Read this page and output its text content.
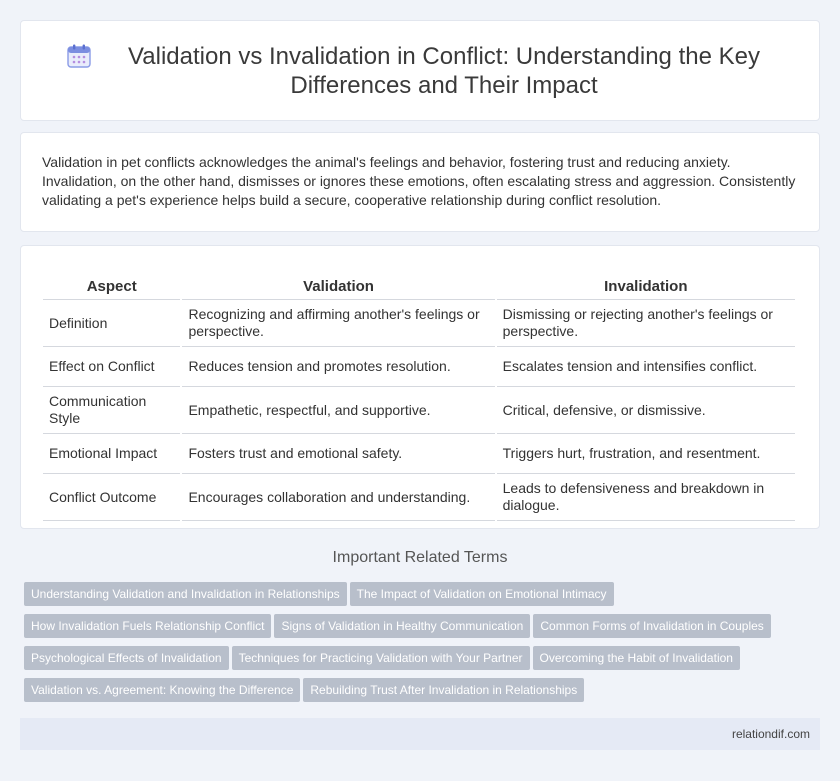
Validation vs Invalidation in Conflict: Understanding the Key Differences and Their Impact

Validation in pet conflicts acknowledges the animal's feelings and behavior, fostering trust and reducing anxiety. Invalidation, on the other hand, dismisses or ignores these emotions, often escalating stress and aggression. Consistently validating a pet's experience helps build a secure, cooperative relationship during conflict resolution.

Aspect	Validation	Invalidation
Definition	Recognizing and affirming another's feelings or perspective.	Dismissing or rejecting another's feelings or perspective.
Effect on Conflict	Reduces tension and promotes resolution.	Escalates tension and intensifies conflict.
Communication Style	Empathetic, respectful, and supportive.	Critical, defensive, or dismissive.
Emotional Impact	Fosters trust and emotional safety.	Triggers hurt, frustration, and resentment.
Conflict Outcome	Encourages collaboration and understanding.	Leads to defensiveness and breakdown in dialogue.
Important Related Terms
Understanding Validation and Invalidation in Relationships The Impact of Validation on Emotional Intimacy
How Invalidation Fuels Relationship Conflict Signs of Validation in Healthy Communication Common Forms of Invalidation in Couples
Psychological Effects of Invalidation Techniques for Practicing Validation with Your Partner Overcoming the Habit of Invalidation
Validation vs. Agreement: Knowing the Difference Rebuilding Trust After Invalidation in Relationships
relationdif.com
